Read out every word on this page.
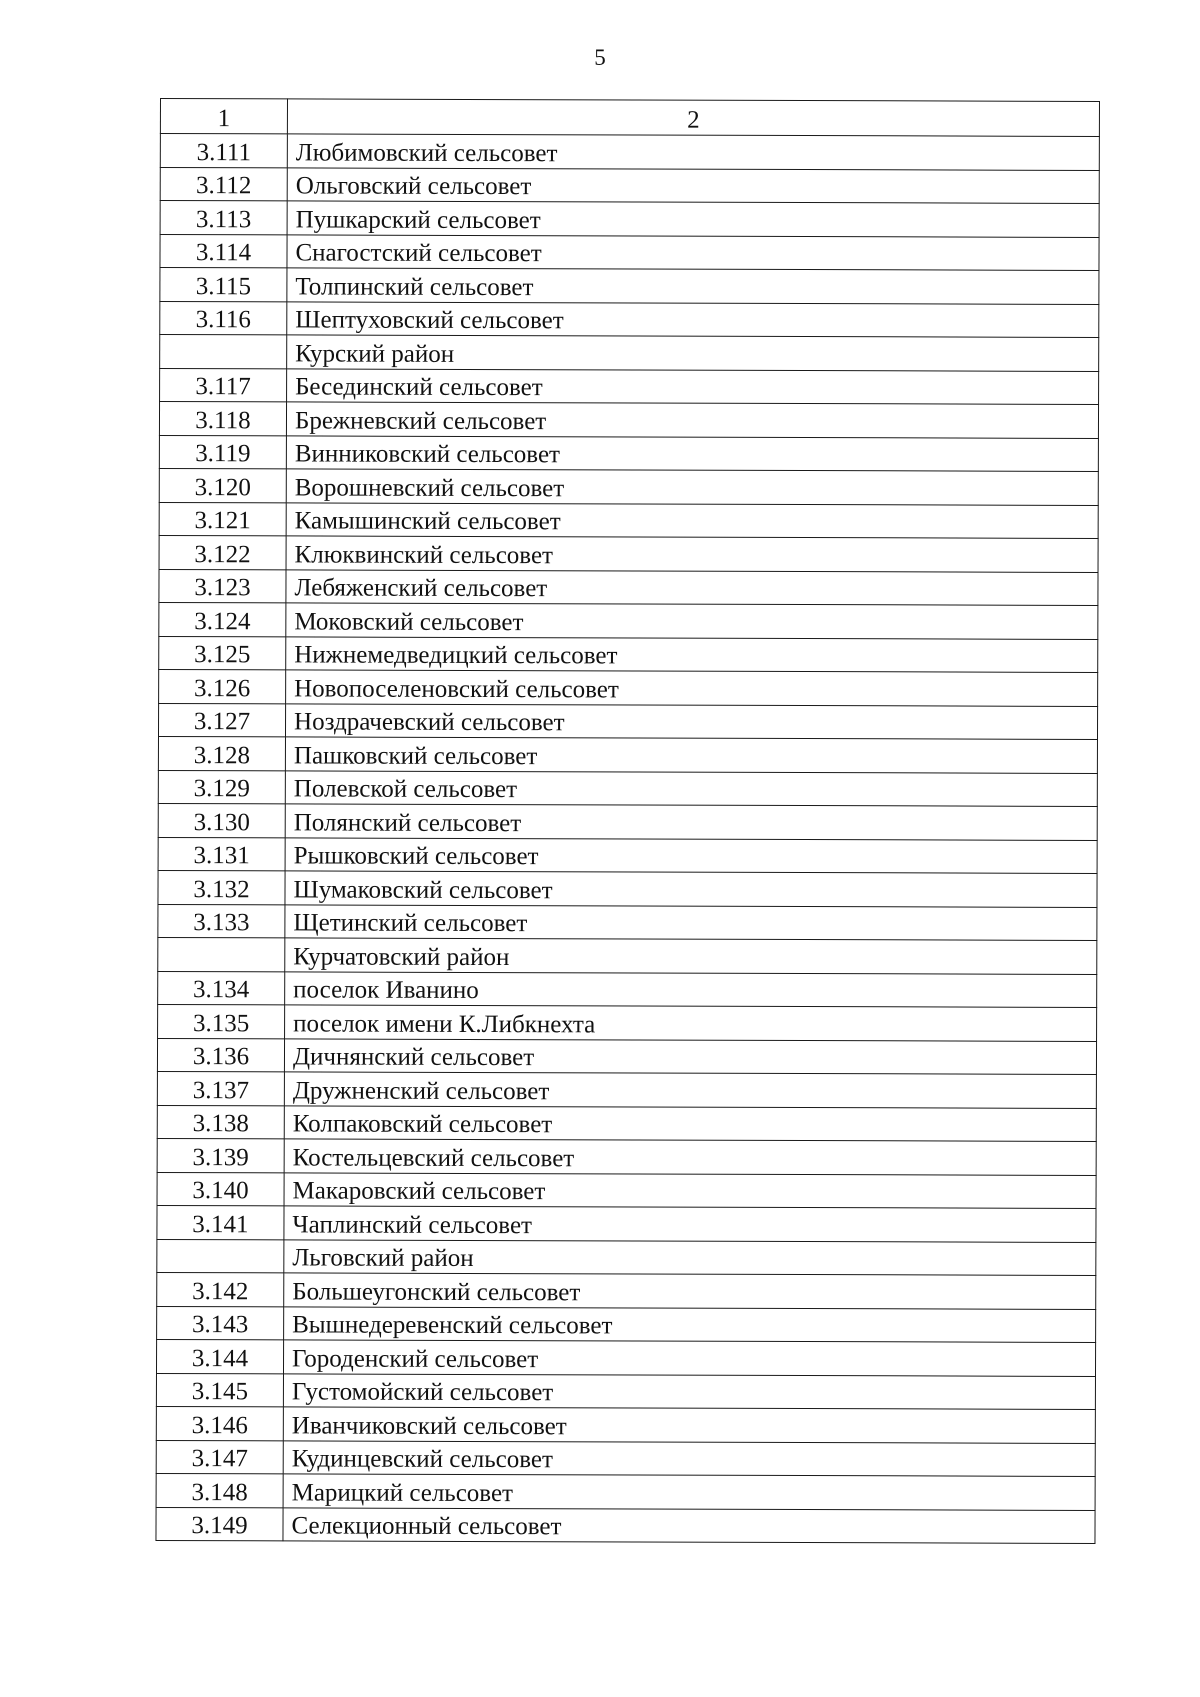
5
1	2
3.111	Любимовский сельсовет
3.112	Ольговский сельсовет
3.113	Пушкарский сельсовет
3.114	Снагостский сельсовет
3.115	Толпинский сельсовет
3.116	Шептуховский сельсовет
	Курский район
3.117	Бесединский сельсовет
3.118	Брежневский сельсовет
3.119	Винниковский сельсовет
3.120	Ворошневский сельсовет
3.121	Камышинский сельсовет
3.122	Клюквинский сельсовет
3.123	Лебяженский сельсовет
3.124	Моковский сельсовет
3.125	Нижнемедведицкий сельсовет
3.126	Новопоселеновский сельсовет
3.127	Ноздрачевский сельсовет
3.128	Пашковский сельсовет
3.129	Полевской сельсовет
3.130	Полянский сельсовет
3.131	Рышковский сельсовет
3.132	Шумаковский сельсовет
3.133	Щетинский сельсовет
	Курчатовский район
3.134	поселок Иванино
3.135	поселок имени К.Либкнехта
3.136	Дичнянский сельсовет
3.137	Дружненский сельсовет
3.138	Колпаковский сельсовет
3.139	Костельцевский сельсовет
3.140	Макаровский сельсовет
3.141	Чаплинский сельсовет
	Льговский район
3.142	Большеугонский сельсовет
3.143	Вышнедеревенский сельсовет
3.144	Городенский сельсовет
3.145	Густомойский сельсовет
3.146	Иванчиковский сельсовет
3.147	Кудинцевский сельсовет
3.148	Марицкий сельсовет
3.149	Селекционный сельсовет
